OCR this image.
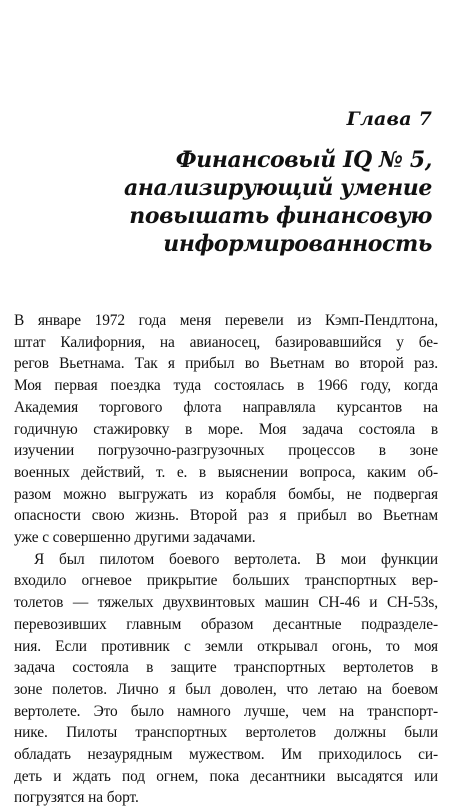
Глава 7
Финансовый IQ № 5,
анализирующий умение
повышать финансовую
информированность

В январе 1972 года меня перевели из Кэмп-Пендлтона,
штат Калифорния, на авианосец, базировавшийся у бе-
регов Вьетнама. Так я прибыл во Вьетнам во второй раз.
Моя первая поездка туда состоялась в 1966 году, когда
Академия торгового флота направляла курсантов на
годичную стажировку в море. Моя задача состояла в
изучении погрузочно-разгрузочных процессов в зоне
военных действий, т. е. в выяснении вопроса, каким об-
разом можно выгружать из корабля бомбы, не подвергая
опасности свою жизнь. Второй раз я прибыл во Вьетнам
уже с совершенно другими задачами.

Я был пилотом боевого вертолета. В мои функции
входило огневое прикрытие больших транспортных вер-
толетов — тяжелых двухвинтовых машин CH-46 и CH-53s,
перевозивших главным образом десантные подразделе-
ния. Если противник с земли открывал огонь, то моя
задача состояла в защите транспортных вертолетов в
зоне полетов. Лично я был доволен, что летаю на боевом
вертолете. Это было намного лучше, чем на транспорт-
нике. Пилоты транспортных вертолетов должны были
обладать незаурядным мужеством. Им приходилось си-
деть и ждать под огнем, пока десантники высадятся или
погрузятся на борт.
